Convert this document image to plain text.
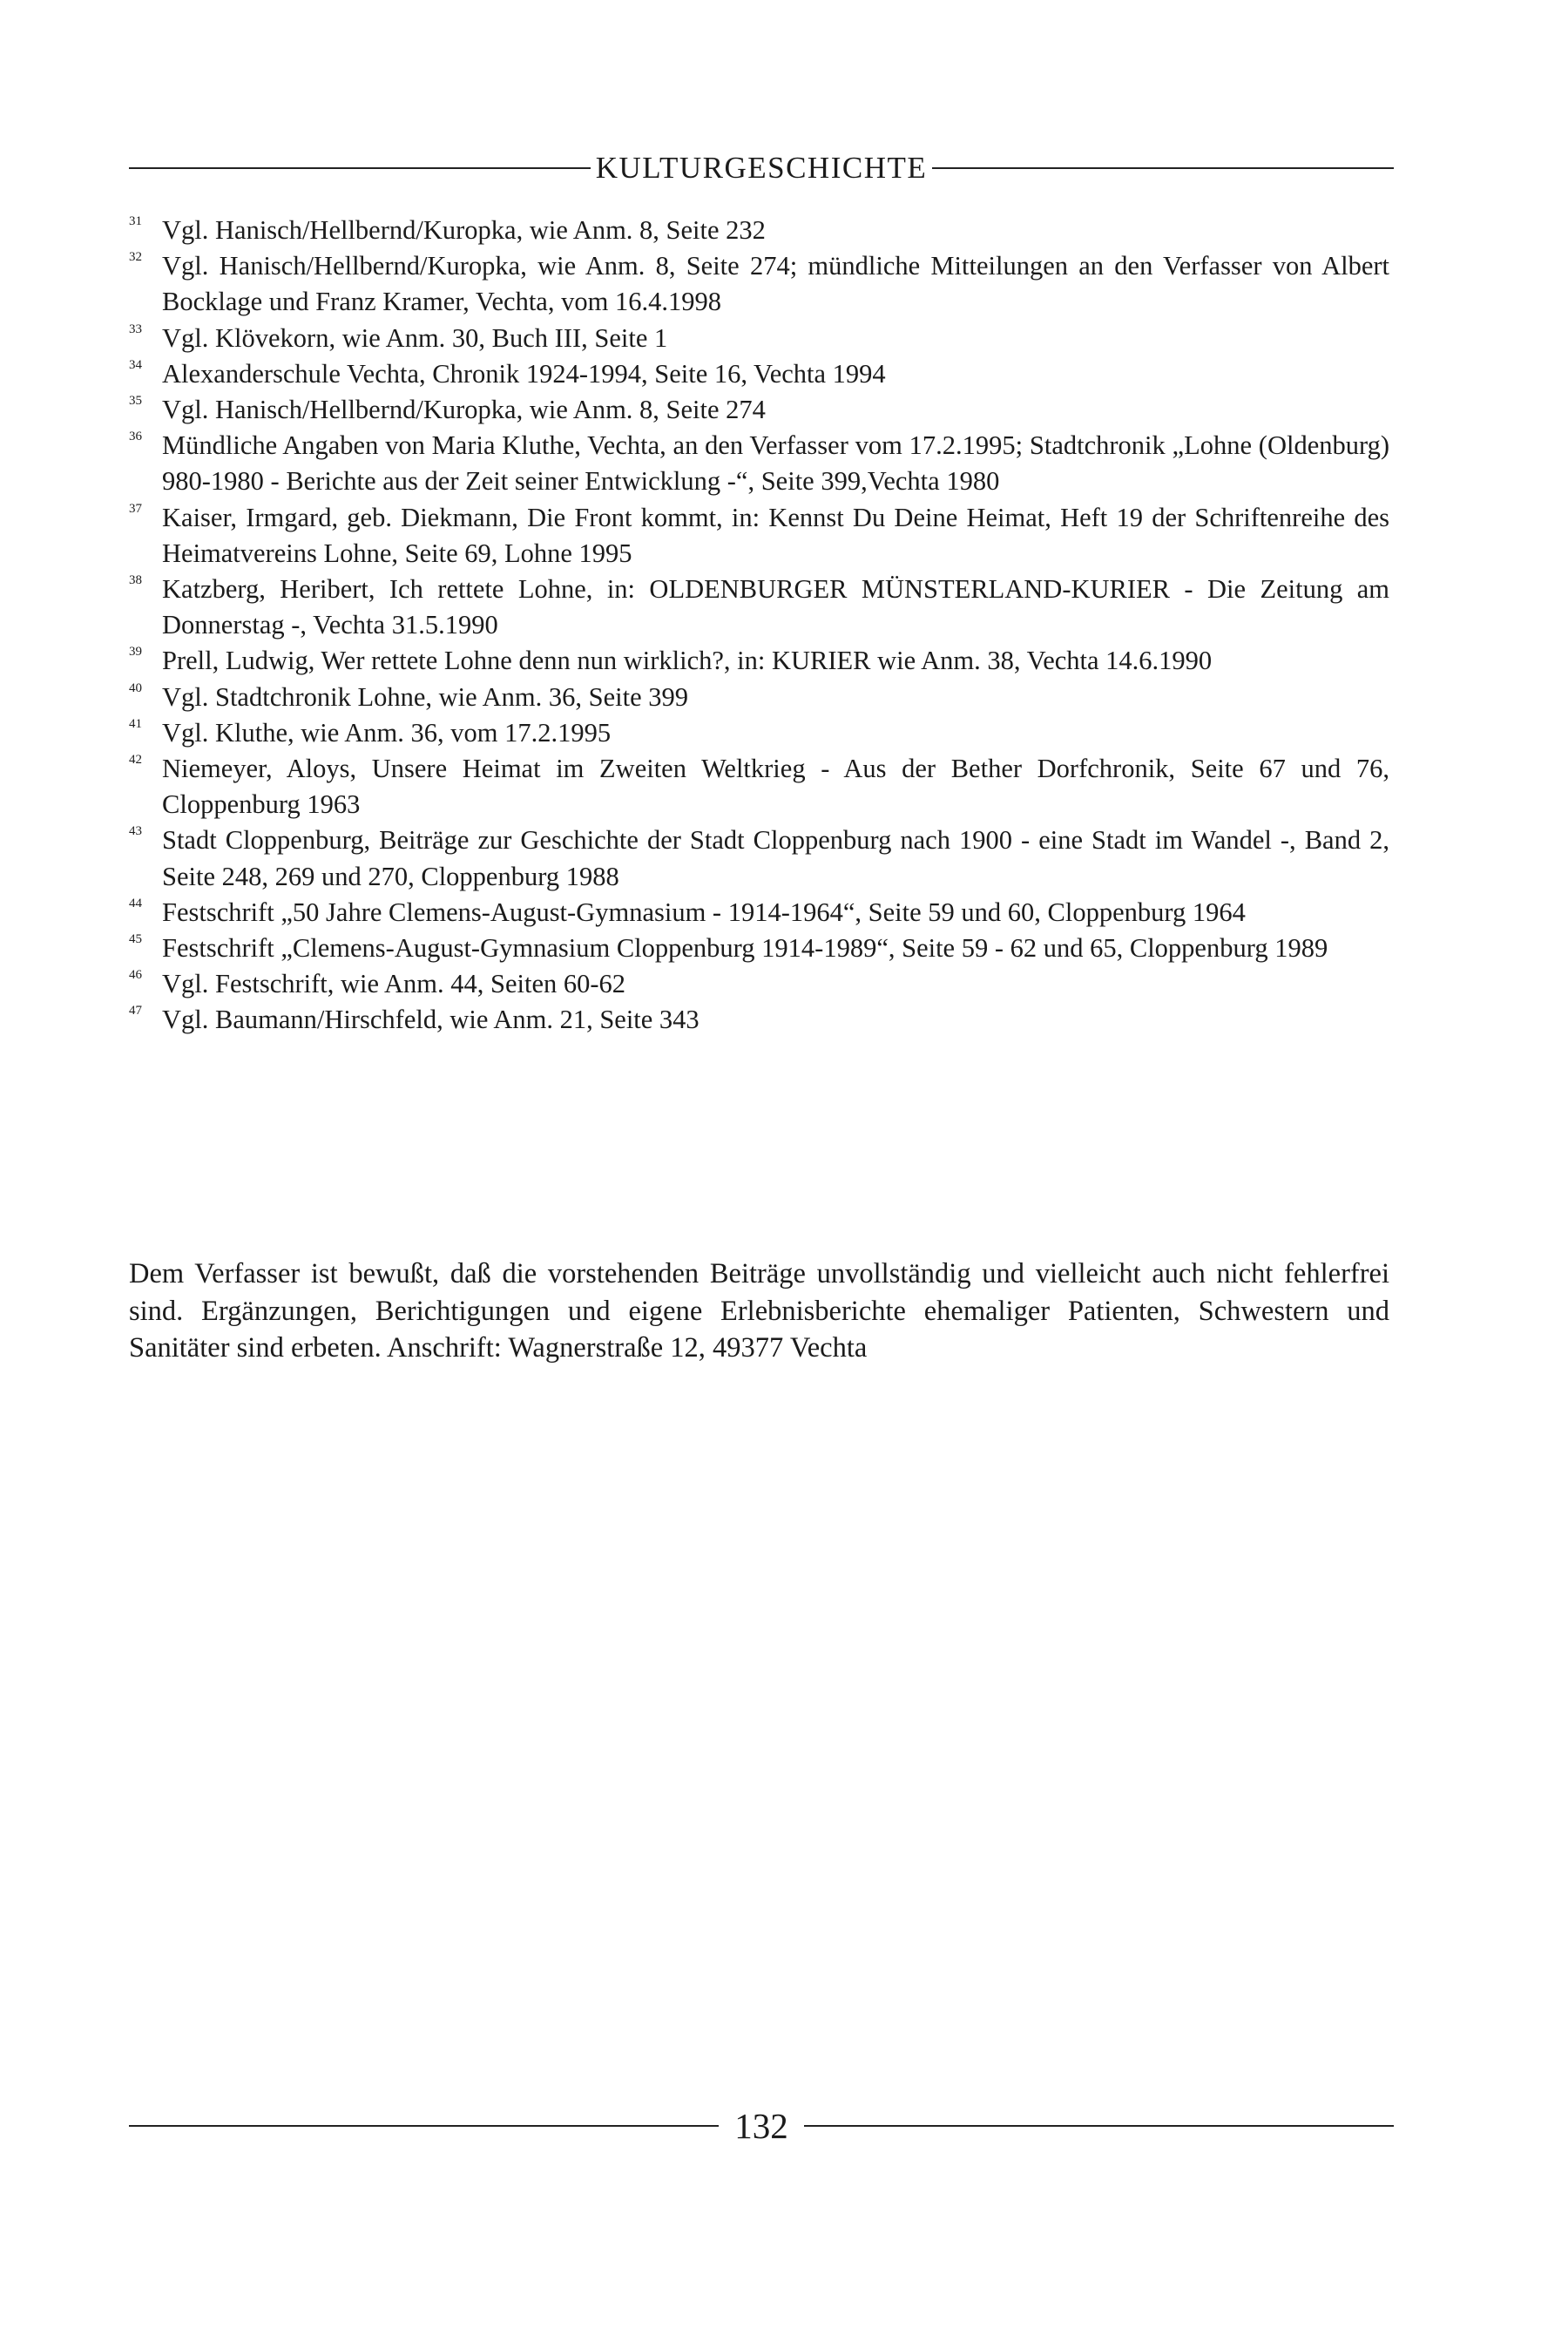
KULTURGESCHICHTE
31 Vgl. Hanisch/Hellbernd/Kuropka, wie Anm. 8, Seite 232
32 Vgl. Hanisch/Hellbernd/Kuropka, wie Anm. 8, Seite 274; mündliche Mitteilungen an den Verfasser von Albert Bocklage und Franz Kramer, Vechta, vom 16.4.1998
33 Vgl. Klövekorn, wie Anm. 30, Buch III, Seite 1
34 Alexanderschule Vechta, Chronik 1924-1994, Seite 16, Vechta 1994
35 Vgl. Hanisch/Hellbernd/Kuropka, wie Anm. 8, Seite 274
36 Mündliche Angaben von Maria Kluthe, Vechta, an den Verfasser vom 17.2.1995; Stadtchronik „Lohne (Oldenburg) 980-1980 - Berichte aus der Zeit seiner Entwicklung -“, Seite 399,Vechta 1980
37 Kaiser, Irmgard, geb. Diekmann, Die Front kommt, in: Kennst Du Deine Heimat, Heft 19 der Schriftenreihe des Heimatvereins Lohne, Seite 69, Lohne 1995
38 Katzberg, Heribert, Ich rettete Lohne, in: OLDENBURGER MÜNSTERLAND-KURIER - Die Zeitung am Donnerstag -, Vechta 31.5.1990
39 Prell, Ludwig, Wer rettete Lohne denn nun wirklich?, in: KURIER wie Anm. 38, Vechta 14.6.1990
40 Vgl. Stadtchronik Lohne, wie Anm. 36, Seite 399
41 Vgl. Kluthe, wie Anm. 36, vom 17.2.1995
42 Niemeyer, Aloys, Unsere Heimat im Zweiten Weltkrieg - Aus der Bether Dorfchronik, Seite 67 und 76, Cloppenburg 1963
43 Stadt Cloppenburg, Beiträge zur Geschichte der Stadt Cloppenburg nach 1900 - eine Stadt im Wandel -, Band 2, Seite 248, 269 und 270, Cloppenburg 1988
44 Festschrift „50 Jahre Clemens-August-Gymnasium - 1914-1964“, Seite 59 und 60, Cloppenburg 1964
45 Festschrift „Clemens-August-Gymnasium Cloppenburg 1914-1989“, Seite 59 - 62 und 65, Cloppenburg 1989
46 Vgl. Festschrift, wie Anm. 44, Seiten 60-62
47 Vgl. Baumann/Hirschfeld, wie Anm. 21, Seite 343
Dem Verfasser ist bewußt, daß die vorstehenden Beiträge unvollständig und vielleicht auch nicht fehlerfrei sind. Ergänzungen, Berichtigungen und eigene Erlebnisberichte ehemaliger Patienten, Schwestern und Sanitäter sind erbeten. Anschrift: Wagnerstraße 12, 49377 Vechta
132
